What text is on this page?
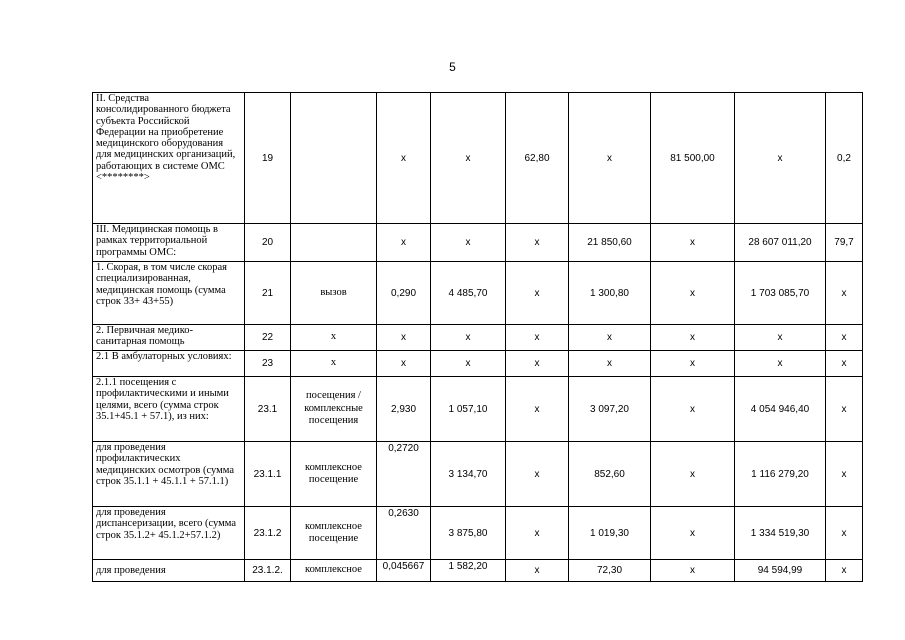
5
II. Средства консолидированного бюджета субъекта Российской Федерации на приобретение медицинского оборудования для медицинских организаций, работающих в системе ОМС <********>	19		x	x	62,80	x	81 500,00	x	0,2
III. Медицинская помощь в рамках территориальной программы ОМС:	20		x	x	x	21 850,60	x	28 607 011,20	79,7
1. Скорая, в том числе скорая специализированная, медицинская помощь (сумма строк 33+ 43+55)	21	вызов	0,290	4 485,70	x	1 300,80	x	1 703 085,70	x
2. Первичная медико-санитарная помощь	22	x	x	x	x	x	x	x	x
2.1 В амбулаторных условиях:	23	x	x	x	x	x	x	x	x
2.1.1 посещения с профилактическими и иными целями, всего (сумма строк 35.1+45.1 + 57.1), из них:	23.1	посещения / комплексные посещения	2,930	1 057,10	x	3 097,20	x	4 054 946,40	x
для проведения профилактических медицинских осмотров (сумма строк 35.1.1 + 45.1.1 + 57.1.1)	23.1.1	комплексное посещение	0,2720	3 134,70	x	852,60	x	1 116 279,20	x
для проведения диспансеризации, всего (сумма строк 35.1.2+ 45.1.2+57.1.2)	23.1.2	комплексное посещение	0,2630	3 875,80	x	1 019,30	x	1 334 519,30	x
для проведения	23.1.2.	комплексное	0,045667	1 582,20	x	72,30	x	94 594,99	x
